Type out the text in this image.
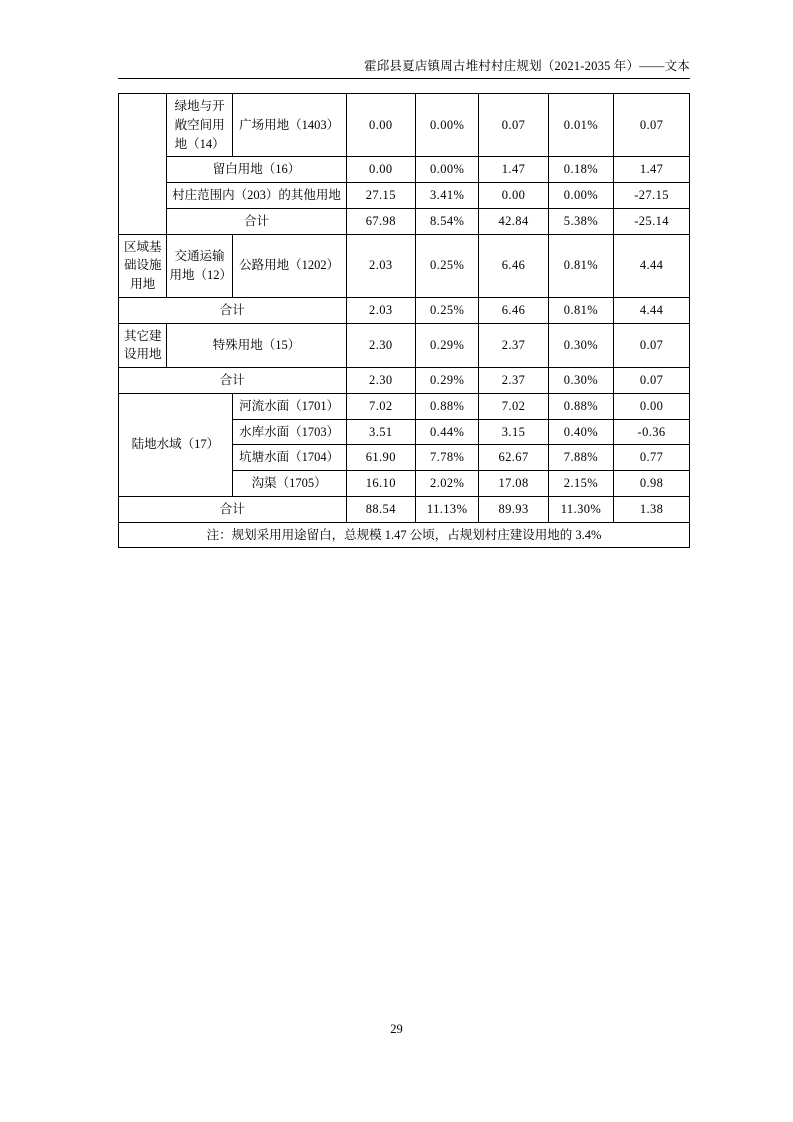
霍邱县夏店镇周古堆村村庄规划（2021-2035 年）——文本
	绿地与开敞空间用地（14）	广场用地（1403）	0.00	0.00%	0.07	0.01%	0.07
	留白用地（16）		0.00	0.00%	1.47	0.18%	1.47
	村庄范围内（203）的其他用地		27.15	3.41%	0.00	0.00%	-27.15
	合计		67.98	8.54%	42.84	5.38%	-25.14
区域基础设施用地	交通运输用地（12）	公路用地（1202）	2.03	0.25%	6.46	0.81%	4.44
合计			2.03	0.25%	6.46	0.81%	4.44
其它建设用地	特殊用地（15）		2.30	0.29%	2.37	0.30%	0.07
合计			2.30	0.29%	2.37	0.30%	0.07
陆地水域（17）		河流水面（1701）	7.02	0.88%	7.02	0.88%	0.00
		水库水面（1703）	3.51	0.44%	3.15	0.40%	-0.36
		坑塘水面（1704）	61.90	7.78%	62.67	7.88%	0.77
		沟渠（1705）	16.10	2.02%	17.08	2.15%	0.98
合计			88.54	11.13%	89.93	11.30%	1.38
注：规划采用用途留白，总规模 1.47 公顷，占规划村庄建设用地的 3.4%							
29
